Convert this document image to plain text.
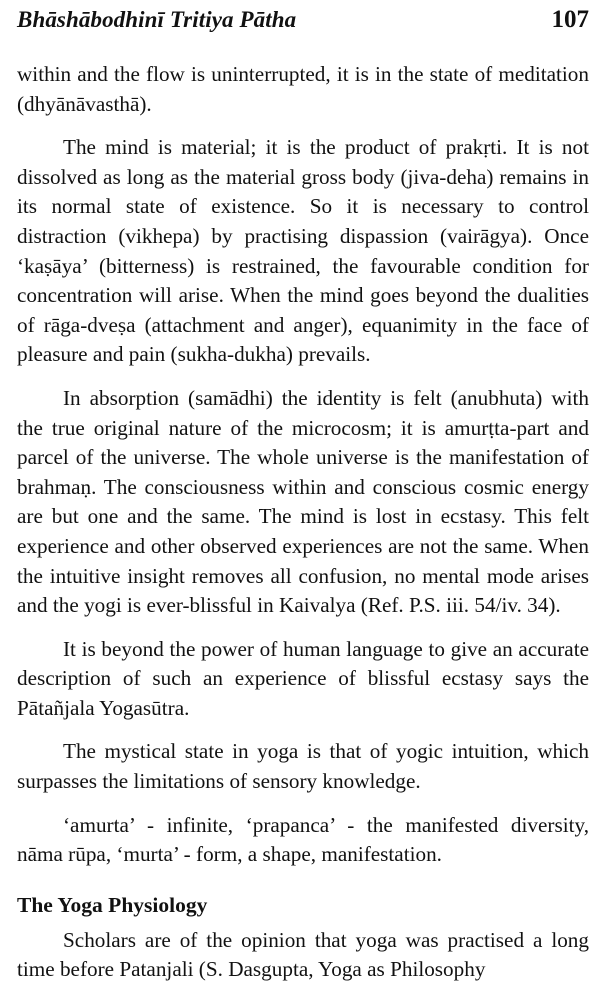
Bhāshābodhinī Tritiya Pātha	107

within and the flow is uninterrupted, it is in the state of meditation (dhyānāvasthā).

The mind is material; it is the product of prakṛti. It is not dissolved as long as the material gross body (jiva-deha) remains in its normal state of existence. So it is necessary to control distraction (vikhepa) by practising dispassion (vairāgya). Once ‘kaṣāya’ (bitterness) is restrained, the favourable condition for concentration will arise. When the mind goes beyond the dualities of rāga-dveṣa (attachment and anger), equanimity in the face of pleasure and pain (sukha-dukha) prevails.

In absorption (samādhi) the identity is felt (anubhuta) with the true original nature of the microcosm; it is amurṭta-part and parcel of the universe. The whole universe is the manifestation of brahmaṇ. The consciousness within and conscious cosmic energy are but one and the same. The mind is lost in ecstasy. This felt experience and other observed experiences are not the same. When the intuitive insight removes all confusion, no mental mode arises and the yogi is ever-blissful in Kaivalya (Ref. P.S. iii. 54/iv. 34).

It is beyond the power of human language to give an accurate description of such an experience of blissful ecstasy says the Pātañjala Yogasūtra.

The mystical state in yoga is that of yogic intuition, which surpasses the limitations of sensory knowledge.

‘amurta’ - infinite, ‘prapanca’ - the manifested diversity, nāma rūpa, ‘murta’ - form, a shape, manifestation.

The Yoga Physiology

Scholars are of the opinion that yoga was practised a long time before Patanjali (S. Dasgupta, Yoga as Philosophy
